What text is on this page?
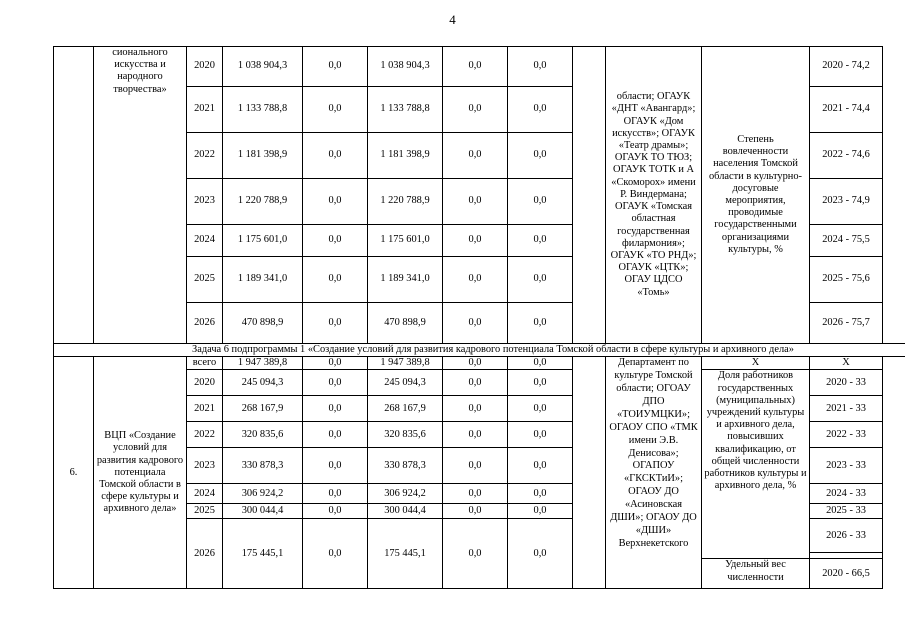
4
	сионального искусства и народного творчества»	2020	1 038 904,3	0,0	1 038 904,3	0,0	0,0		области; ОГАУК «ДНТ «Авангард»; ОГАУК «Дом искусств»; ОГАУК «Театр драмы»; ОГАУК ТО ТЮЗ; ОГАУК ТОТК и А «Скоморох» имени Р. Виндермана; ОГАУК «Томская областная государственная филармония»; ОГАУК «ТО РНД»; ОГАУК «ЦТК»; ОГАУ ЦДСО «Томь»	Степень вовлеченности населения Томской области в культурно-досуговые мероприятия, проводимые государственными организациями культуры, %	2020 - 74,2	
		2021	1 133 788,8	0,0	1 133 788,8	0,0	0,0				2021 - 74,4	
		2022	1 181 398,9	0,0	1 181 398,9	0,0	0,0				2022 - 74,6	
		2023	1 220 788,9	0,0	1 220 788,9	0,0	0,0				2023 - 74,9	
		2024	1 175 601,0	0,0	1 175 601,0	0,0	0,0				2024 - 75,5	
		2025	1 189 341,0	0,0	1 189 341,0	0,0	0,0				2025 - 75,6	
		2026	470 898,9	0,0	470 898,9	0,0	0,0				2026 - 75,7	
Задача 6 подпрограммы 1 «Создание условий для развития кадрового потенциала Томской области в сфере культуры и архивного дела»												
6.	ВЦП «Создание условий для развития кадрового потенциала Томской области в сфере культуры и архивного дела»	всего	1 947 389,8	0,0	1 947 389,8	0,0	0,0		Департамент по культуре Томской области; ОГОАУ ДПО «ТОИУМЦКИ»; ОГАОУ СПО «ТМК имени Э.В. Денисова»; ОГАПОУ «ГКСКТиИ»; ОГАОУ ДО «Асиновская ДШИ»; ОГАОУ ДО «ДШИ» Верхнекетского	Х	Х	
		2020	245 094,3	0,0	245 094,3	0,0	0,0			Доля работников государственных (муниципальных) учреждений культуры и архивного дела, повысивших квалификацию, от общей численности работников культуры и архивного дела, %	2020 - 33	
		2021	268 167,9	0,0	268 167,9	0,0	0,0				2021 - 33	
		2022	320 835,6	0,0	320 835,6	0,0	0,0				2022 - 33	
		2023	330 878,3	0,0	330 878,3	0,0	0,0				2023 - 33	
		2024	306 924,2	0,0	306 924,2	0,0	0,0				2024 - 33	
		2025	300 044,4	0,0	300 044,4	0,0	0,0				2025 - 33	
		2026	175 445,1	0,0	175 445,1	0,0	0,0				2026 - 33	

										Удельный вес численности	2020 - 66,5	
